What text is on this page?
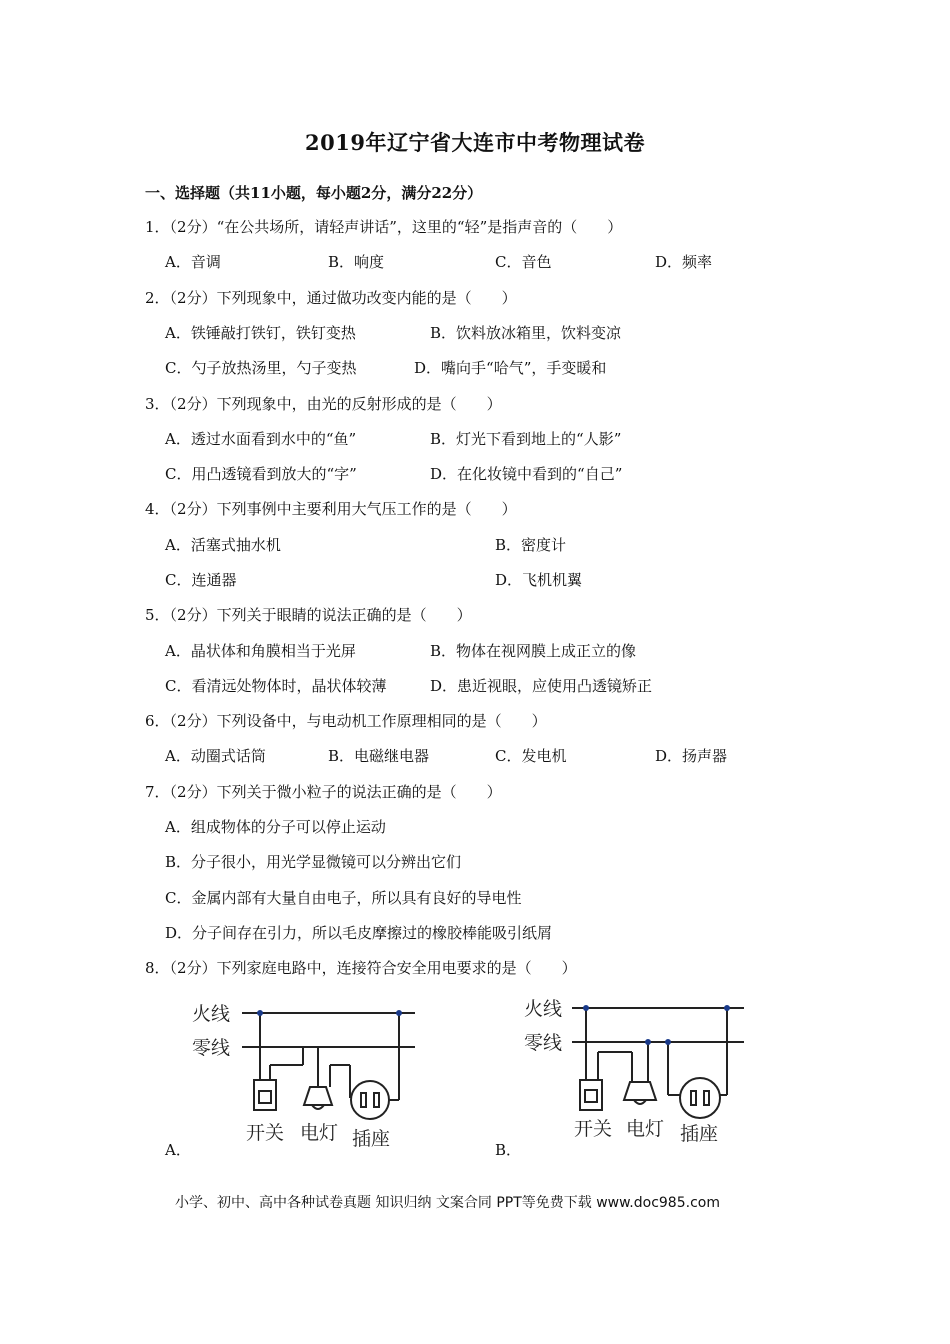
2019年辽宁省大连市中考物理试卷
一、选择题（共11小题，每小题2分，满分22分）
1．（2分）“在公共场所，请轻声讲话”，这里的“轻”是指声音的（　　）
A．音调	B．响度	C．音色	D．频率
2．（2分）下列现象中，通过做功改变内能的是（　　）
A．铁锤敲打铁钉，铁钉变热	B．饮料放冰箱里，饮料变凉
C．勺子放热汤里，勺子变热	D．嘴向手“哈气”，手变暖和
3．（2分）下列现象中，由光的反射形成的是（　　）
A．透过水面看到水中的“鱼”	B．灯光下看到地上的“人影”
C．用凸透镜看到放大的“字”	D．在化妆镜中看到的“自己”
4．（2分）下列事例中主要利用大气压工作的是（　　）
A．活塞式抽水机	B．密度计
C．连通器	D．飞机机翼
5．（2分）下列关于眼睛的说法正确的是（　　）
A．晶状体和角膜相当于光屏	B．物体在视网膜上成正立的像
C．看清远处物体时，晶状体较薄	D．患近视眼，应使用凸透镜矫正
6．（2分）下列设备中，与电动机工作原理相同的是（　　）
A．动圈式话筒	B．电磁继电器	C．发电机	D．扬声器
7．（2分）下列关于微小粒子的说法正确的是（　　）
A．组成物体的分子可以停止运动
B．分子很小，用光学显微镜可以分辨出它们
C．金属内部有大量自由电子，所以具有良好的导电性
D．分子间存在引力，所以毛皮摩擦过的橡胶棒能吸引纸屑
8．（2分）下列家庭电路中，连接符合安全用电要求的是（　　）
火线
零线
开关 电灯 插座
A．
火线
零线
开关 电灯 插座
B．
小学、初中、高中各种试卷真题 知识归纳 文案合同 PPT等免费下载 www.doc985.com
